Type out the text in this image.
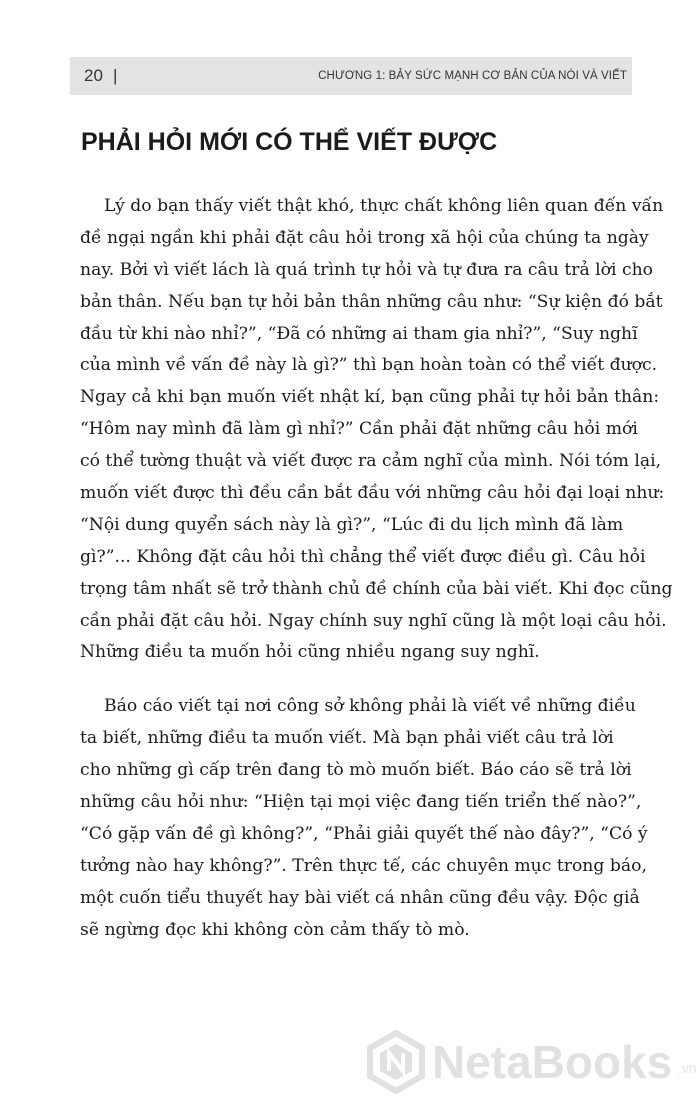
20 |	CHƯƠNG 1: BẢY SỨC MẠNH CƠ BẢN CỦA NÓI VÀ VIẾT
PHẢI HỎI MỚI CÓ THỂ VIẾT ĐƯỢC

Lý do bạn thấy viết thật khó, thực chất không liên quan đến vấn
đề ngại ngần khi phải đặt câu hỏi trong xã hội của chúng ta ngày
nay. Bởi vì viết lách là quá trình tự hỏi và tự đưa ra câu trả lời cho
bản thân. Nếu bạn tự hỏi bản thân những câu như: “Sự kiện đó bắt
đầu từ khi nào nhỉ?”, “Đã có những ai tham gia nhỉ?”, “Suy nghĩ
của mình về vấn đề này là gì?” thì bạn hoàn toàn có thể viết được.
Ngay cả khi bạn muốn viết nhật kí, bạn cũng phải tự hỏi bản thân:
“Hôm nay mình đã làm gì nhỉ?” Cần phải đặt những câu hỏi mới
có thể tường thuật và viết được ra cảm nghĩ của mình. Nói tóm lại,
muốn viết được thì đều cần bắt đầu với những câu hỏi đại loại như:
“Nội dung quyển sách này là gì?”, “Lúc đi du lịch mình đã làm
gì?”... Không đặt câu hỏi thì chẳng thể viết được điều gì. Câu hỏi
trọng tâm nhất sẽ trở thành chủ đề chính của bài viết. Khi đọc cũng
cần phải đặt câu hỏi. Ngay chính suy nghĩ cũng là một loại câu hỏi.
Những điều ta muốn hỏi cũng nhiều ngang suy nghĩ.

Báo cáo viết tại nơi công sở không phải là viết về những điều
ta biết, những điều ta muốn viết. Mà bạn phải viết câu trả lời
cho những gì cấp trên đang tò mò muốn biết. Báo cáo sẽ trả lời
những câu hỏi như: “Hiện tại mọi việc đang tiến triển thế nào?”,
“Có gặp vấn đề gì không?”, “Phải giải quyết thế nào đây?”, “Có ý
tưởng nào hay không?”. Trên thực tế, các chuyên mục trong báo,
một cuốn tiểu thuyết hay bài viết cá nhân cũng đều vậy. Độc giả
sẽ ngừng đọc khi không còn cảm thấy tò mò.

NetaBooks .vn
